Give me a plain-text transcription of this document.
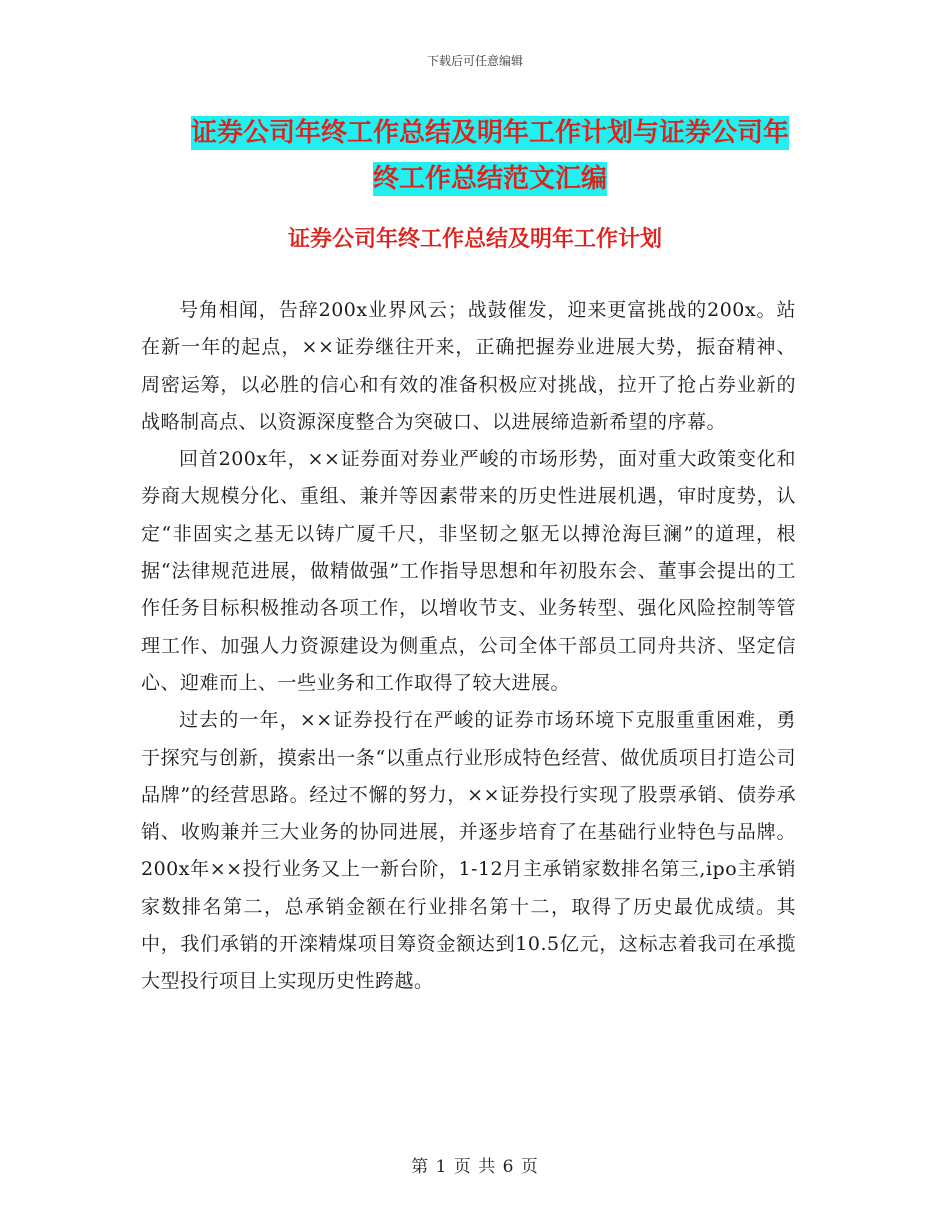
下载后可任意编辑
证券公司年终工作总结及明年工作计划与证券公司年
终工作总结范文汇编
证券公司年终工作总结及明年工作计划

号角相闻，告辞200x业界风云；战鼓催发，迎来更富挑战的200x。站在新一年的起点，××证券继往开来，正确把握券业进展大势，振奋精神、周密运筹，以必胜的信心和有效的准备积极应对挑战，拉开了抢占券业新的战略制高点、以资源深度整合为突破口、以进展缔造新希望的序幕。

回首200x年，××证券面对券业严峻的市场形势，面对重大政策变化和券商大规模分化、重组、兼并等因素带来的历史性进展机遇，审时度势，认定“非固实之基无以铸广厦千尺，非坚韧之躯无以搏沧海巨澜”的道理，根据“法律规范进展，做精做强”工作指导思想和年初股东会、董事会提出的工作任务目标积极推动各项工作，以增收节支、业务转型、强化风险控制等管理工作、加强人力资源建设为侧重点，公司全体干部员工同舟共济、坚定信心、迎难而上、一些业务和工作取得了较大进展。

过去的一年，××证券投行在严峻的证券市场环境下克服重重困难，勇于探究与创新，摸索出一条“以重点行业形成特色经营、做优质项目打造公司品牌”的经营思路。经过不懈的努力，××证券投行实现了股票承销、债券承销、收购兼并三大业务的协同进展，并逐步培育了在基础行业特色与品牌。200x年××投行业务又上一新台阶，1-12月主承销家数排名第三,ipo主承销家数排名第二，总承销金额在行业排名第十二，取得了历史最优成绩。其中，我们承销的开滦精煤项目筹资金额达到10.5亿元，这标志着我司在承揽大型投行项目上实现历史性跨越。

第 1 页 共 6 页
